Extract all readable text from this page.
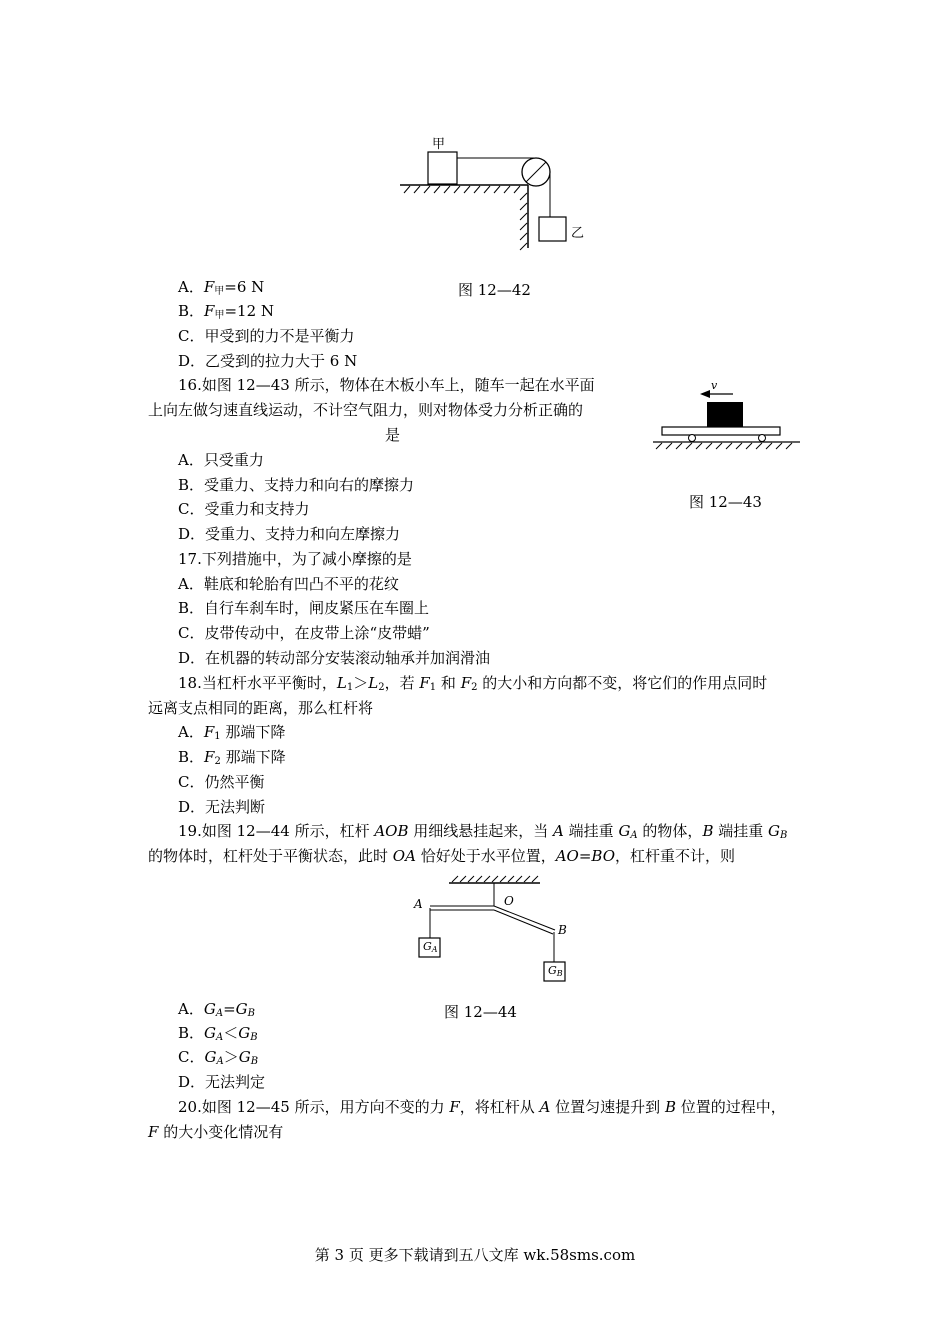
甲
乙
图 12—42
A．$F_甲=6$ N
B．$F_甲=12$ N
C．甲受到的力不是平衡力
D．乙受到的拉力大于 6 N
16.如图 12—43 所示，物体在木板小车上，随车一起在水平面
上向左做匀速直线运动，不计空气阻力，则对物体受力分析正确的
是
A．只受重力
B．受重力、支持力和向右的摩擦力
C．受重力和支持力
D．受重力、支持力和向左摩擦力
v
图 12—43
17.下列措施中，为了减小摩擦的是
A．鞋底和轮胎有凹凸不平的花纹
B．自行车刹车时，闸皮紧压在车圈上
C．皮带传动中，在皮带上涂“皮带蜡”
D．在机器的转动部分安装滚动轴承并加润滑油
18.当杠杆水平平衡时，$L_1>L_2$，若 $F_1$ 和 $F_2$ 的大小和方向都不变，将它们的作用点同时
远离支点相同的距离，那么杠杆将
A．$F_1$ 那端下降
B．$F_2$ 那端下降
C．仍然平衡
D．无法判断
19.如图 12—44 所示，杠杆 AOB 用细线悬挂起来，当 A 端挂重 $G_A$ 的物体，B 端挂重 $G_B$
的物体时，杠杆处于平衡状态，此时 OA 恰好处于水平位置，AO=BO，杠杆重不计，则
A	O
B
$G_A$
$G_B$
图 12—44
A．$G_A=G_B$
B．$G_A<G_B$
C．$G_A>G_B$
D．无法判定
20.如图 12—45 所示，用方向不变的力 F，将杠杆从 A 位置匀速提升到 B 位置的过程中，
F 的大小变化情况有
第 3 页 更多下载请到五八文库 wk.58sms.com
